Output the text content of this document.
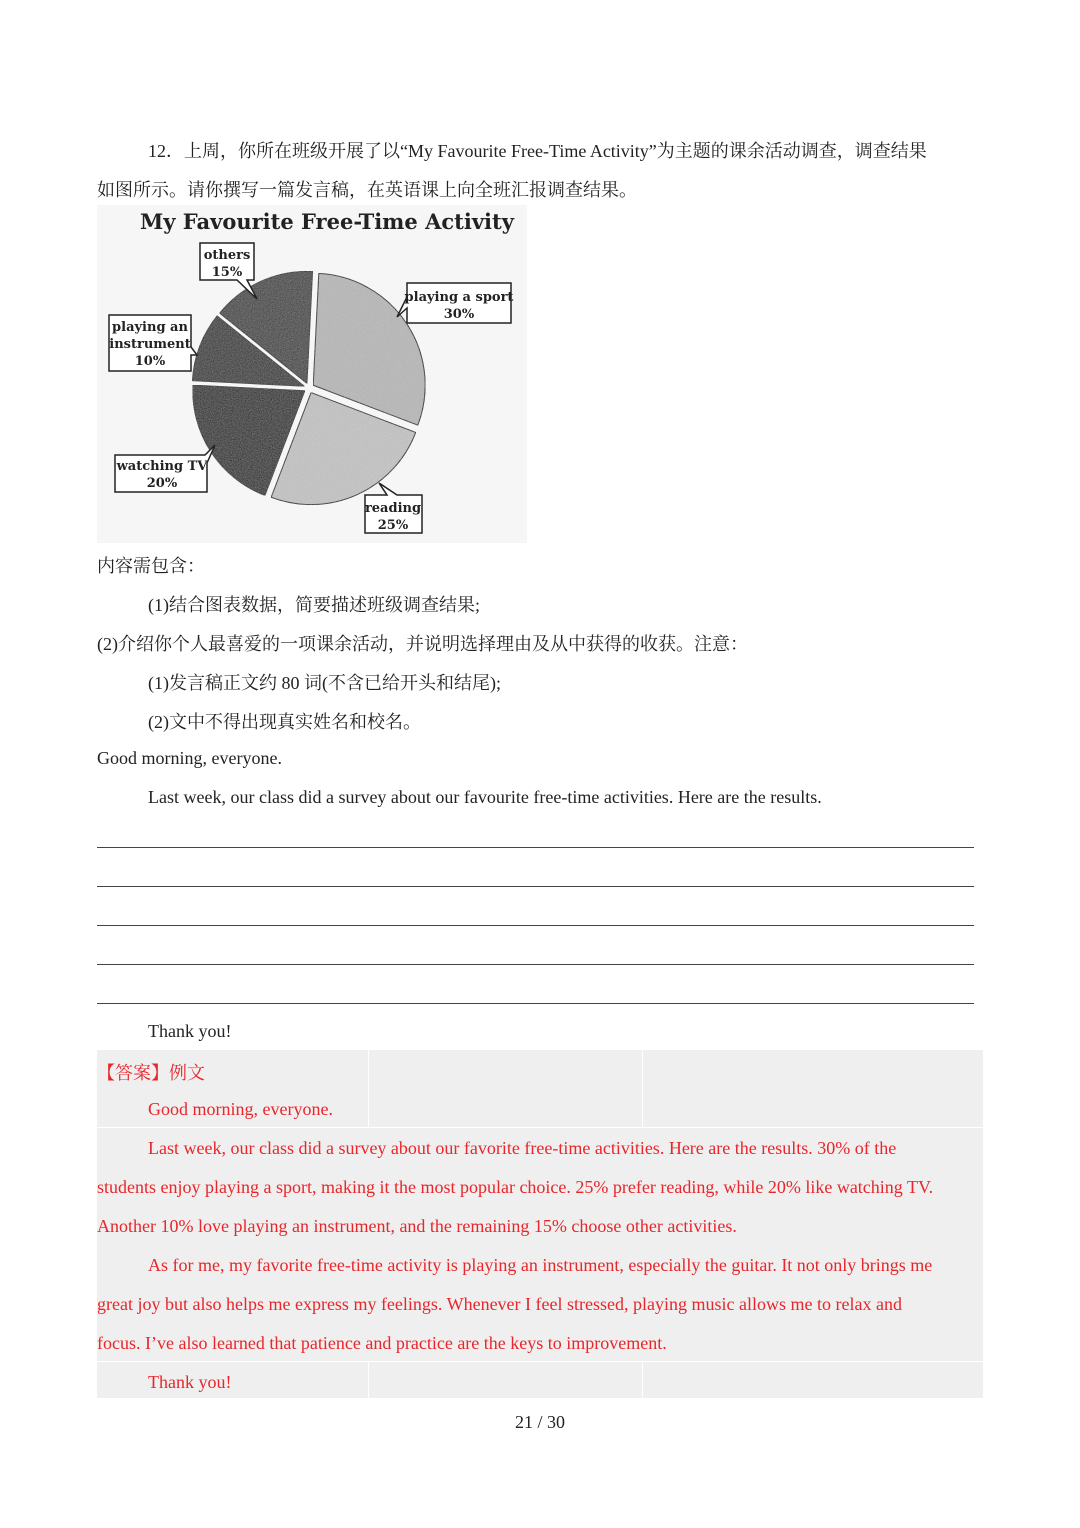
12．上周，你所在班级开展了以“My Favourite Free-Time Activity”为主题的课余活动调查，调查结果
如图所示。请你撰写一篇发言稿，在英语课上向全班汇报调查结果。
My Favourite Free-Time Activity
others
15%
playing a sport
30%
playing an
instrument
10%
watching TV
20%
reading
25%
内容需包含：
(1)结合图表数据，简要描述班级调查结果;
(2)介绍你个人最喜爱的一项课余活动，并说明选择理由及从中获得的收获。注意：
(1)发言稿正文约 80 词(不含已给开头和结尾);
(2)文中不得出现真实姓名和校名。
Good morning, everyone.
Last week, our class did a survey about our favourite free-time activities. Here are the results.
Thank you!
【答案】例文
Good morning, everyone.
Last week, our class did a survey about our favorite free-time activities. Here are the results. 30% of the
students enjoy playing a sport, making it the most popular choice. 25% prefer reading, while 20% like watching TV.
Another 10% love playing an instrument, and the remaining 15% choose other activities.
As for me, my favorite free-time activity is playing an instrument, especially the guitar. It not only brings me
great joy but also helps me express my feelings. Whenever I feel stressed, playing music allows me to relax and
focus. I’ve also learned that patience and practice are the keys to improvement.
Thank you!
21 / 30
